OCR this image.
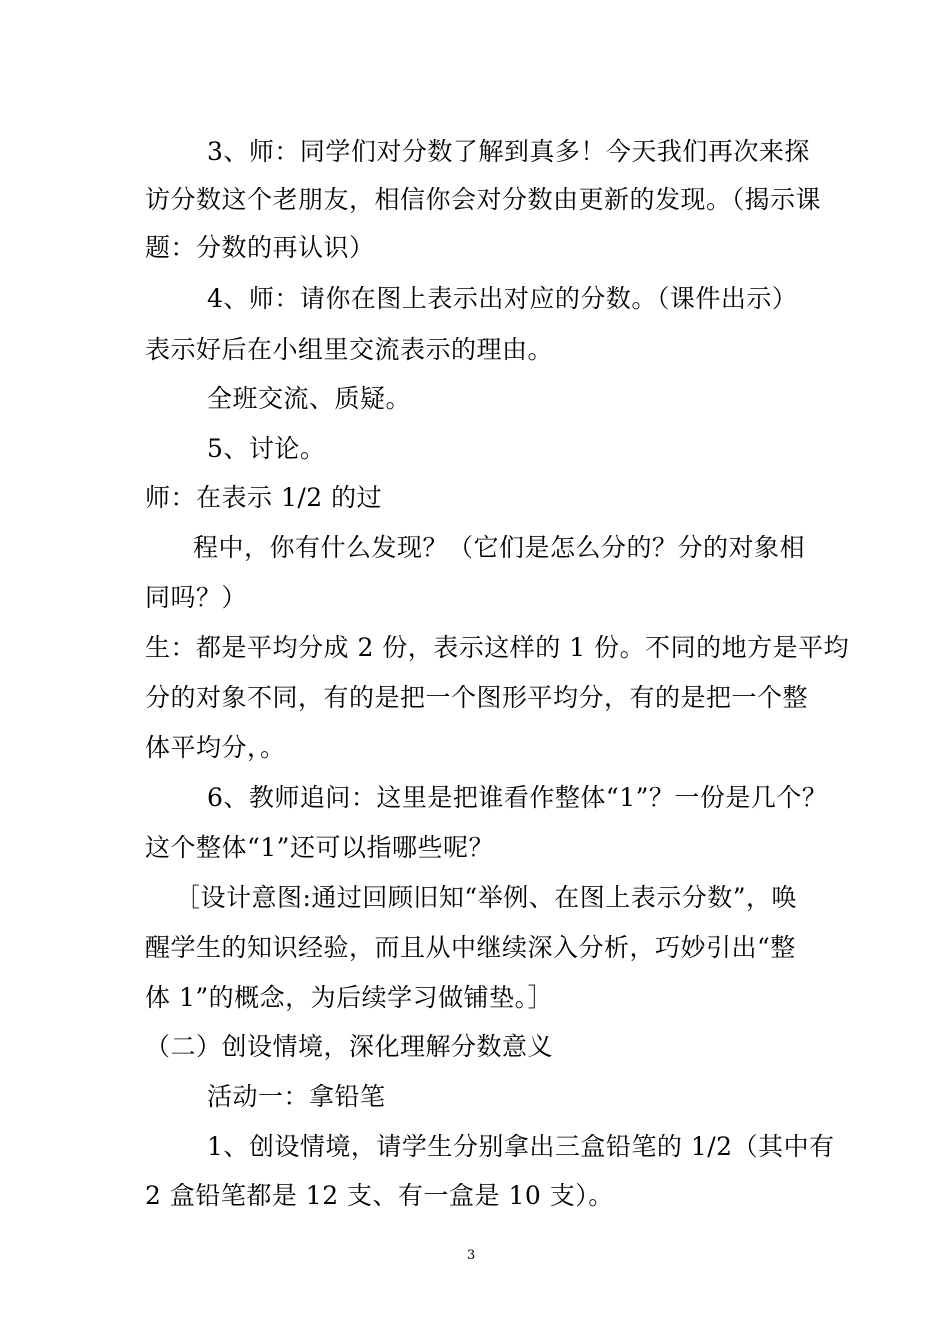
3、师：同学们对分数了解到真多！今天我们再次来探
访分数这个老朋友，相信你会对分数由更新的发现。（揭示课
题：分数的再认识）
4、师：请你在图上表示出对应的分数。（课件出示）
表示好后在小组里交流表示的理由。
全班交流、质疑。
5、讨论。
师：在表示 1/2 的过
程中，你有什么发现？（它们是怎么分的？分的对象相
同吗？）
生：都是平均分成 2 份，表示这样的 1 份。不同的地方是平均
分的对象不同，有的是把一个图形平均分，有的是把一个整
体平均分，。
6、教师追问：这里是把谁看作整体“1”？一份是几个？
这个整体“1”还可以指哪些呢？
［设计意图:通过回顾旧知“举例、在图上表示分数”，唤
醒学生的知识经验，而且从中继续深入分析，巧妙引出“整
体 1”的概念，为后续学习做铺垫。］
（二）创设情境，深化理解分数意义
活动一：拿铅笔
1、创设情境，请学生分别拿出三盒铅笔的 1/2（其中有
2 盒铅笔都是 12 支、有一盒是 10 支）。
3
